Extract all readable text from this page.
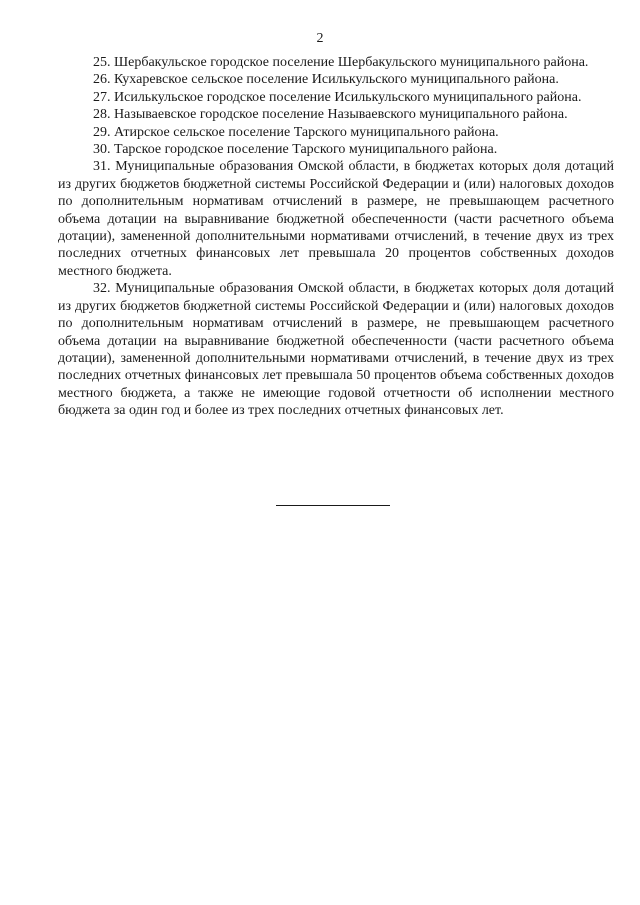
2

25. Шербакульское городское поселение Шербакульского муниципального района.

26. Кухаревское сельское поселение Исилькульского муниципального района.

27. Исилькульское городское поселение Исилькульского муниципального района.

28. Называевское городское поселение Называевского муниципального района.

29. Атирское сельское поселение Тарского муниципального района.

30. Тарское городское поселение Тарского муниципального района.

31. Муниципальные образования Омской области, в бюджетах которых доля дотаций из других бюджетов бюджетной системы Российской Федерации и (или) налоговых доходов по дополнительным нормативам отчислений в размере, не превышающем расчетного объема дотации на выравнивание бюджетной обеспеченности (части расчетного объема дотации), замененной дополнительными нормативами отчислений, в течение двух из трех последних отчетных финансовых лет превышала 20 процентов собственных доходов местного бюджета.

32. Муниципальные образования Омской области, в бюджетах которых доля дотаций из других бюджетов бюджетной системы Российской Федерации и (или) налоговых доходов по дополнительным нормативам отчислений в размере, не превышающем расчетного объема дотации на выравнивание бюджетной обеспеченности (части расчетного объема дотации), замененной дополнительными нормативами отчислений, в течение двух из трех последних отчетных финансовых лет превышала 50 процентов объема собственных доходов местного бюджета, а также не имеющие годовой отчетности об исполнении местного бюджета за один год и более из трех последних отчетных финансовых лет.
